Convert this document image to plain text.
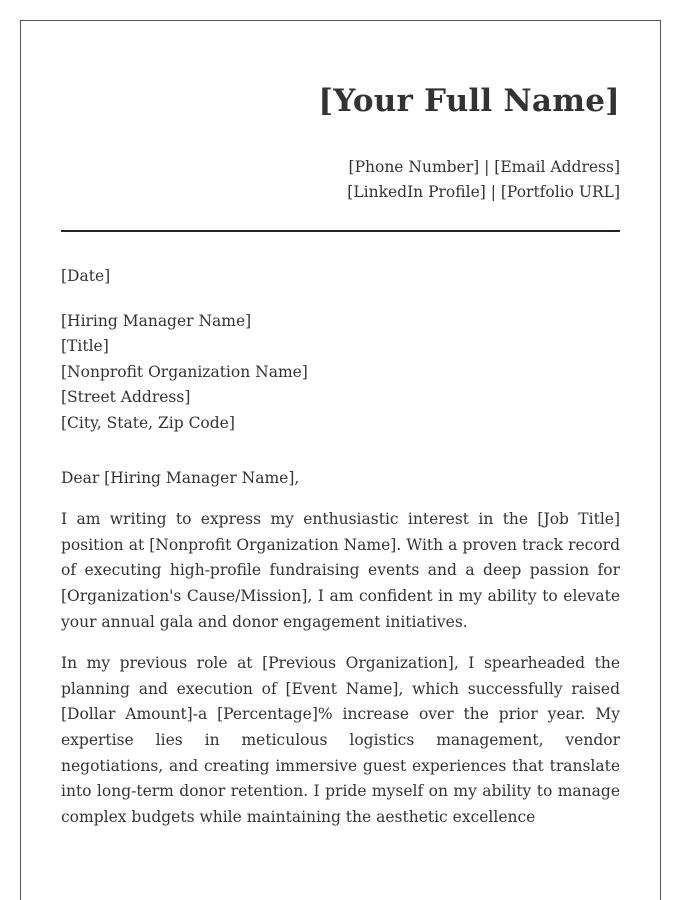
[Your Full Name]
[Phone Number] | [Email Address]
[LinkedIn Profile] | [Portfolio URL]
[Date]
[Hiring Manager Name]
[Title]
[Nonprofit Organization Name]
[Street Address]
[City, State, Zip Code]
Dear [Hiring Manager Name],

I am writing to express my enthusiastic interest in the [Job Title] position at [Nonprofit Organization Name]. With a proven track record of executing high-profile fundraising events and a deep passion for [Organization's Cause/Mission], I am confident in my ability to elevate your annual gala and donor engagement initiatives.

In my previous role at [Previous Organization], I spearheaded the planning and execution of [Event Name], which successfully raised [Dollar Amount]-a [Percentage]% increase over the prior year. My expertise lies in meticulous logistics management, vendor negotiations, and creating immersive guest experiences that translate into long-term donor retention. I pride myself on my ability to manage complex budgets while maintaining the aesthetic excellence
